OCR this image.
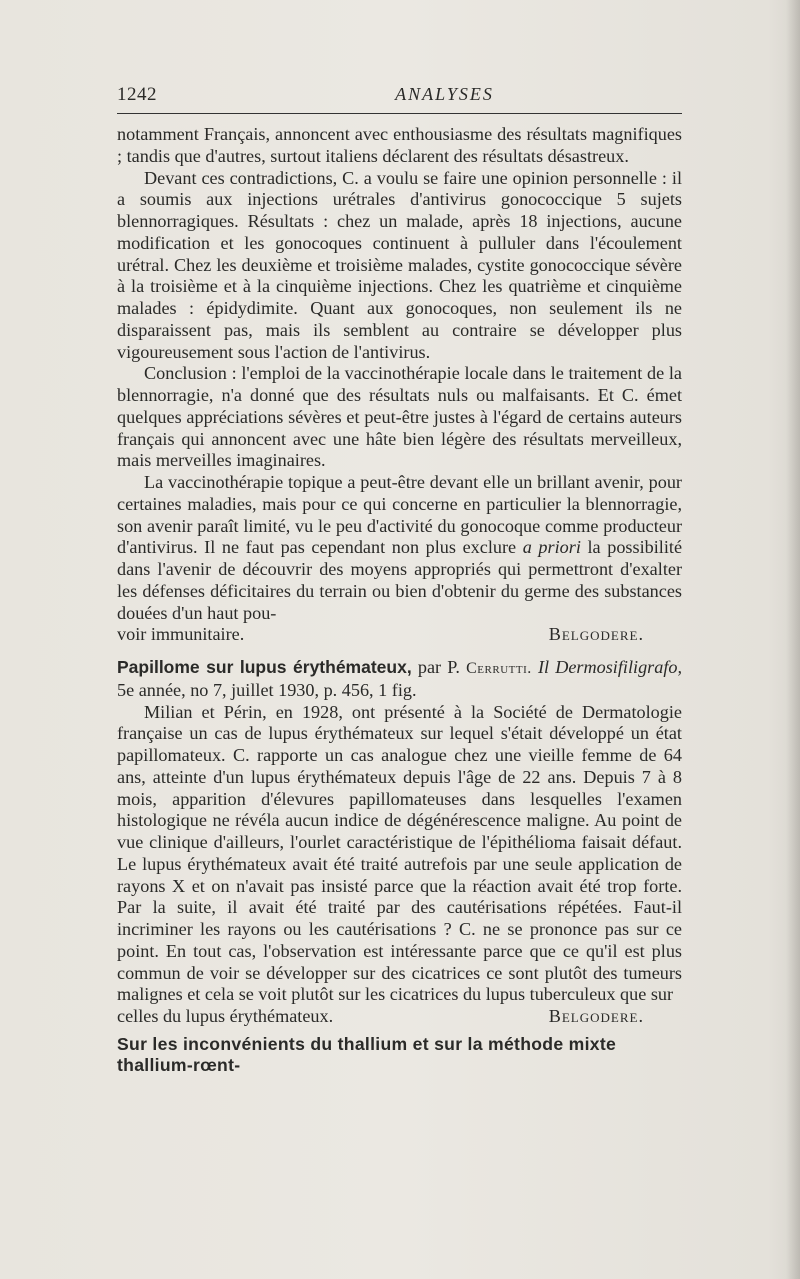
1242	ANALYSES

notamment Français, annoncent avec enthousiasme des résultats magnifiques ; tandis que d'autres, surtout italiens déclarent des résultats désastreux.

Devant ces contradictions, C. a voulu se faire une opinion personnelle : il a soumis aux injections urétrales d'antivirus gonococcique 5 sujets blennorragiques. Résultats : chez un malade, après 18 injections, aucune modification et les gonocoques continuent à pulluler dans l'écoulement urétral. Chez les deuxième et troisième malades, cystite gonococcique sévère à la troisième et à la cinquième injections. Chez les quatrième et cinquième malades : épidydimite. Quant aux gonocoques, non seulement ils ne disparaissent pas, mais ils semblent au contraire se développer plus vigoureusement sous l'action de l'antivirus.

Conclusion : l'emploi de la vaccinothérapie locale dans le traitement de la blennorragie, n'a donné que des résultats nuls ou malfaisants. Et C. émet quelques appréciations sévères et peut-être justes à l'égard de certains auteurs français qui annoncent avec une hâte bien légère des résultats merveilleux, mais merveilles imaginaires.

La vaccinothérapie topique a peut-être devant elle un brillant avenir, pour certaines maladies, mais pour ce qui concerne en particulier la blennorragie, son avenir paraît limité, vu le peu d'activité du gonocoque comme producteur d'antivirus. Il ne faut pas cependant non plus exclure a priori la possibilité dans l'avenir de découvrir des moyens appropriés qui permettront d'exalter les défenses déficitaires du terrain ou bien d'obtenir du germe des substances douées d'un haut pou-

voir immunitaire.	Belgodere.
Papillome sur lupus érythémateux, par P. Cerrutti. Il Dermosifiligrafo, 5e année, no 7, juillet 1930, p. 456, 1 fig.

Milian et Périn, en 1928, ont présenté à la Société de Dermatologie française un cas de lupus érythémateux sur lequel s'était développé un état papillomateux. C. rapporte un cas analogue chez une vieille femme de 64 ans, atteinte d'un lupus érythémateux depuis l'âge de 22 ans. Depuis 7 à 8 mois, apparition d'élevures papillomateuses dans lesquelles l'examen histologique ne révéla aucun indice de dégénérescence maligne. Au point de vue clinique d'ailleurs, l'ourlet caractéristique de l'épithélioma faisait défaut. Le lupus érythémateux avait été traité autrefois par une seule application de rayons X et on n'avait pas insisté parce que la réaction avait été trop forte. Par la suite, il avait été traité par des cautérisations répétées. Faut-il incriminer les rayons ou les cautérisations ? C. ne se prononce pas sur ce point. En tout cas, l'observation est intéressante parce que ce qu'il est plus commun de voir se développer sur des cicatrices ce sont plutôt des tumeurs malignes et cela se voit plutôt sur les cicatrices du lupus tuberculeux que sur

celles du lupus érythémateux.	Belgodere.
Sur les inconvénients du thallium et sur la méthode mixte thallium-rœnt-
